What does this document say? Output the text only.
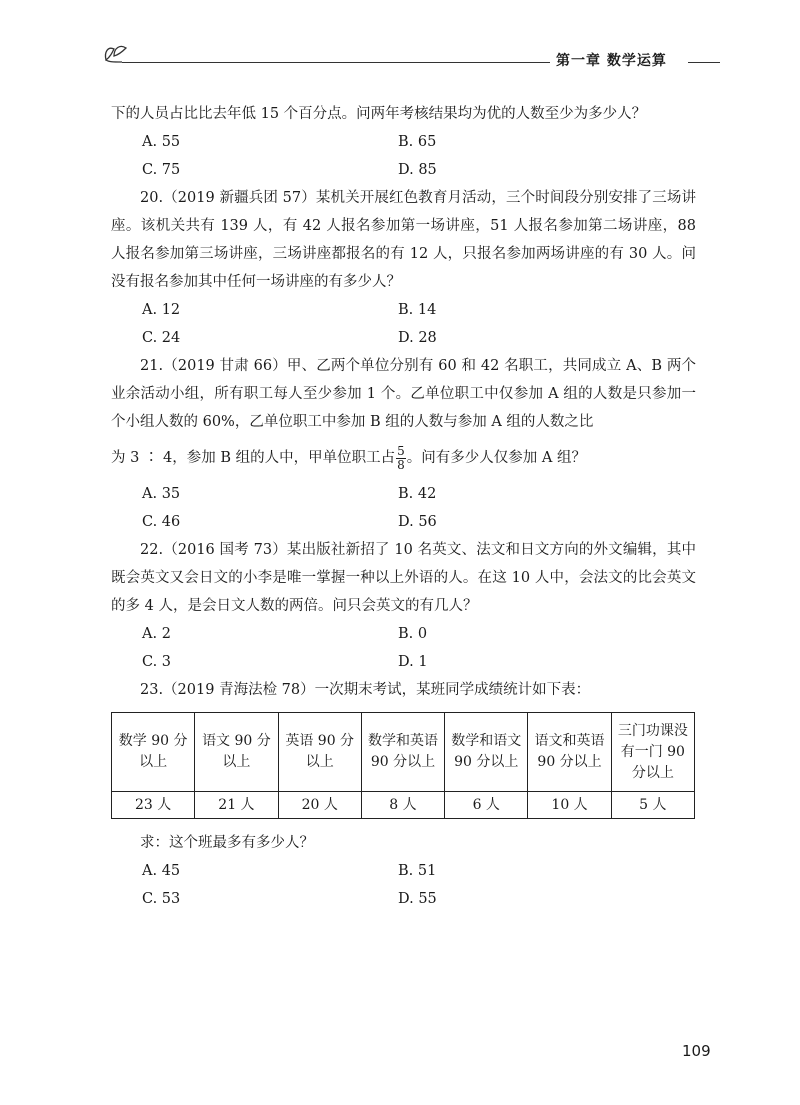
第一章 数学运算

下的人员占比比去年低 15 个百分点。问两年考核结果均为优的人数至少为多少人？

A. 55	B. 65
C. 75	D. 85

20.（2019 新疆兵团 57）某机关开展红色教育月活动，三个时间段分别安排了三场讲座。该机关共有 139 人，有 42 人报名参加第一场讲座，51 人报名参加第二场讲座，88 人报名参加第三场讲座，三场讲座都报名的有 12 人，只报名参加两场讲座的有 30 人。问没有报名参加其中任何一场讲座的有多少人？

A. 12	B. 14
C. 24	D. 28

21.（2019 甘肃 66）甲、乙两个单位分别有 60 和 42 名职工，共同成立 A、B 两个业余活动小组，所有职工每人至少参加 1 个。乙单位职工中仅参加 A 组的人数是只参加一个小组人数的 60%，乙单位职工中参加 B 组的人数与参加 A 组的人数之比

为 3 ∶ 4，参加 B 组的人中，甲单位职工占 $\frac{5}{8}$ 。问有多少人仅参加 A 组？

A. 35	B. 42
C. 46	D. 56

22.（2016 国考 73）某出版社新招了 10 名英文、法文和日文方向的外文编辑，其中既会英文又会日文的小李是唯一掌握一种以上外语的人。在这 10 人中，会法文的比会英文的多 4 人，是会日文人数的两倍。问只会英文的有几人？

A. 2	B. 0
C. 3	D. 1

23.（2019 青海法检 78）一次期末考试，某班同学成绩统计如下表：

数学 90 分以上	语文 90 分以上	英语 90 分以上	数学和英语 90 分以上	数学和语文 90 分以上	语文和英语 90 分以上	三门功课没有一门 90 分以上
23 人	21 人	20 人	8 人	6 人	10 人	5 人

求：这个班最多有多少人？

A. 45	B. 51
C. 53	D. 55
109
